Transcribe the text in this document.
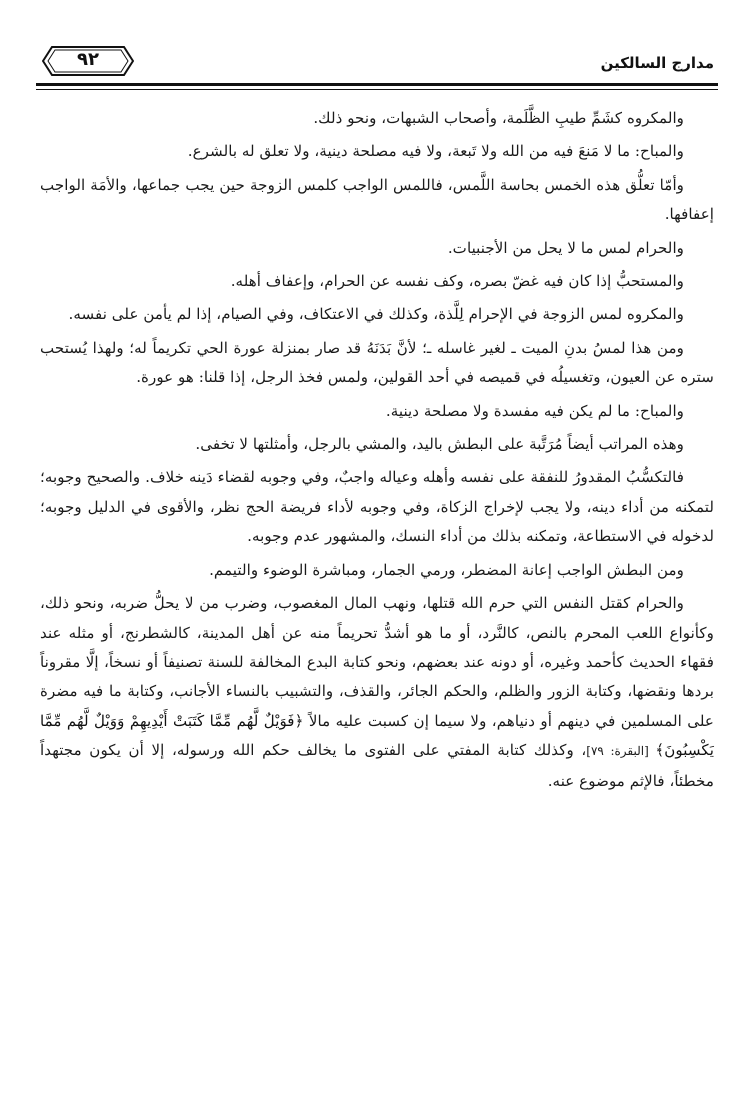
مدارج السالكين
٩٢

والمكروه كشَمِّ طيبِ الظَّلَمة، وأصحاب الشبهات، ونحو ذلك.

والمباح: ما لا مَنعَ فيه من الله ولا تَبعة، ولا فيه مصلحة دينية، ولا تعلق له بالشرع.

وأمّا تعلُّق هذه الخمس بحاسة اللَّمس، فاللمس الواجب كلمس الزوجة حين يجب جماعها، والأمَة الواجب إعفافها.

والحرام لمس ما لا يحل من الأجنبيات.

والمستحبُّ إذا كان فيه غضّ بصره، وكف نفسه عن الحرام، وإعفاف أهله.

والمكروه لمس الزوجة في الإحرام لِلَّذة، وكذلك في الاعتكاف، وفي الصيام، إذا لم يأمن على نفسه.

ومن هذا لمسُ بدنِ الميت ـ لغير غاسله ـ؛ لأنَّ بَدَنَهُ قد صار بمنزلة عورة الحي تكريماً له؛ ولهذا يُستحب ستره عن العيون، وتغسيلُه في قميصه في أحد القولين، ولمس فخذ الرجل، إذا قلنا: هو عورة.

والمباح: ما لم يكن فيه مفسدة ولا مصلحة دينية.

وهذه المراتب أيضاً مُرَتَّبة على البطش باليد، والمشي بالرجل، وأمثلتها لا تخفى.

فالتكسُّبُ المقدورُ للنفقة على نفسه وأهله وعياله واجبٌ، وفي وجوبه لقضاء دَينه خلاف. والصحيح وجوبه؛ لتمكنه من أداء دينه، ولا يجب لإخراج الزكاة، وفي وجوبه لأداء فريضة الحج نظر، والأقوى في الدليل وجوبه؛ لدخوله في الاستطاعة، وتمكنه بذلك من أداء النسك، والمشهور عدم وجوبه.

ومن البطش الواجب إعانة المضطر، ورمي الجمار، ومباشرة الوضوء والتيمم.

والحرام كقتل النفس التي حرم الله قتلها، ونهب المال المغصوب، وضرب من لا يحلُّ ضربه، ونحو ذلك، وكأنواع اللعب المحرم بالنص، كالنَّرد، أو ما هو أشدُّ تحريماً منه عن أهل المدينة، كالشطرنج، أو مثله عند فقهاء الحديث كأحمد وغيره، أو دونه عند بعضهم، ونحو كتابة البدع المخالفة للسنة تصنيفاً أو نسخاً، إلَّا مقروناً بردها ونقضها، وكتابة الزور والظلم، والحكم الجائر، والقذف، والتشبيب بالنساء الأجانب، وكتابة ما فيه مضرة على المسلمين في دينهم أو دنياهم، ولا سيما إن كسبت عليه مالاً ﴿فَوَيْلٌ لَّهُم مِّمَّا كَتَبَتْ أَيْدِيهِمْ وَوَيْلٌ لَّهُم مِّمَّا يَكْسِبُونَ﴾ [البقرة: ٧٩]، وكذلك كتابة المفتي على الفتوى ما يخالف حكم الله ورسوله، إلا أن يكون مجتهداً مخطئاً، فالإثم موضوع عنه.
